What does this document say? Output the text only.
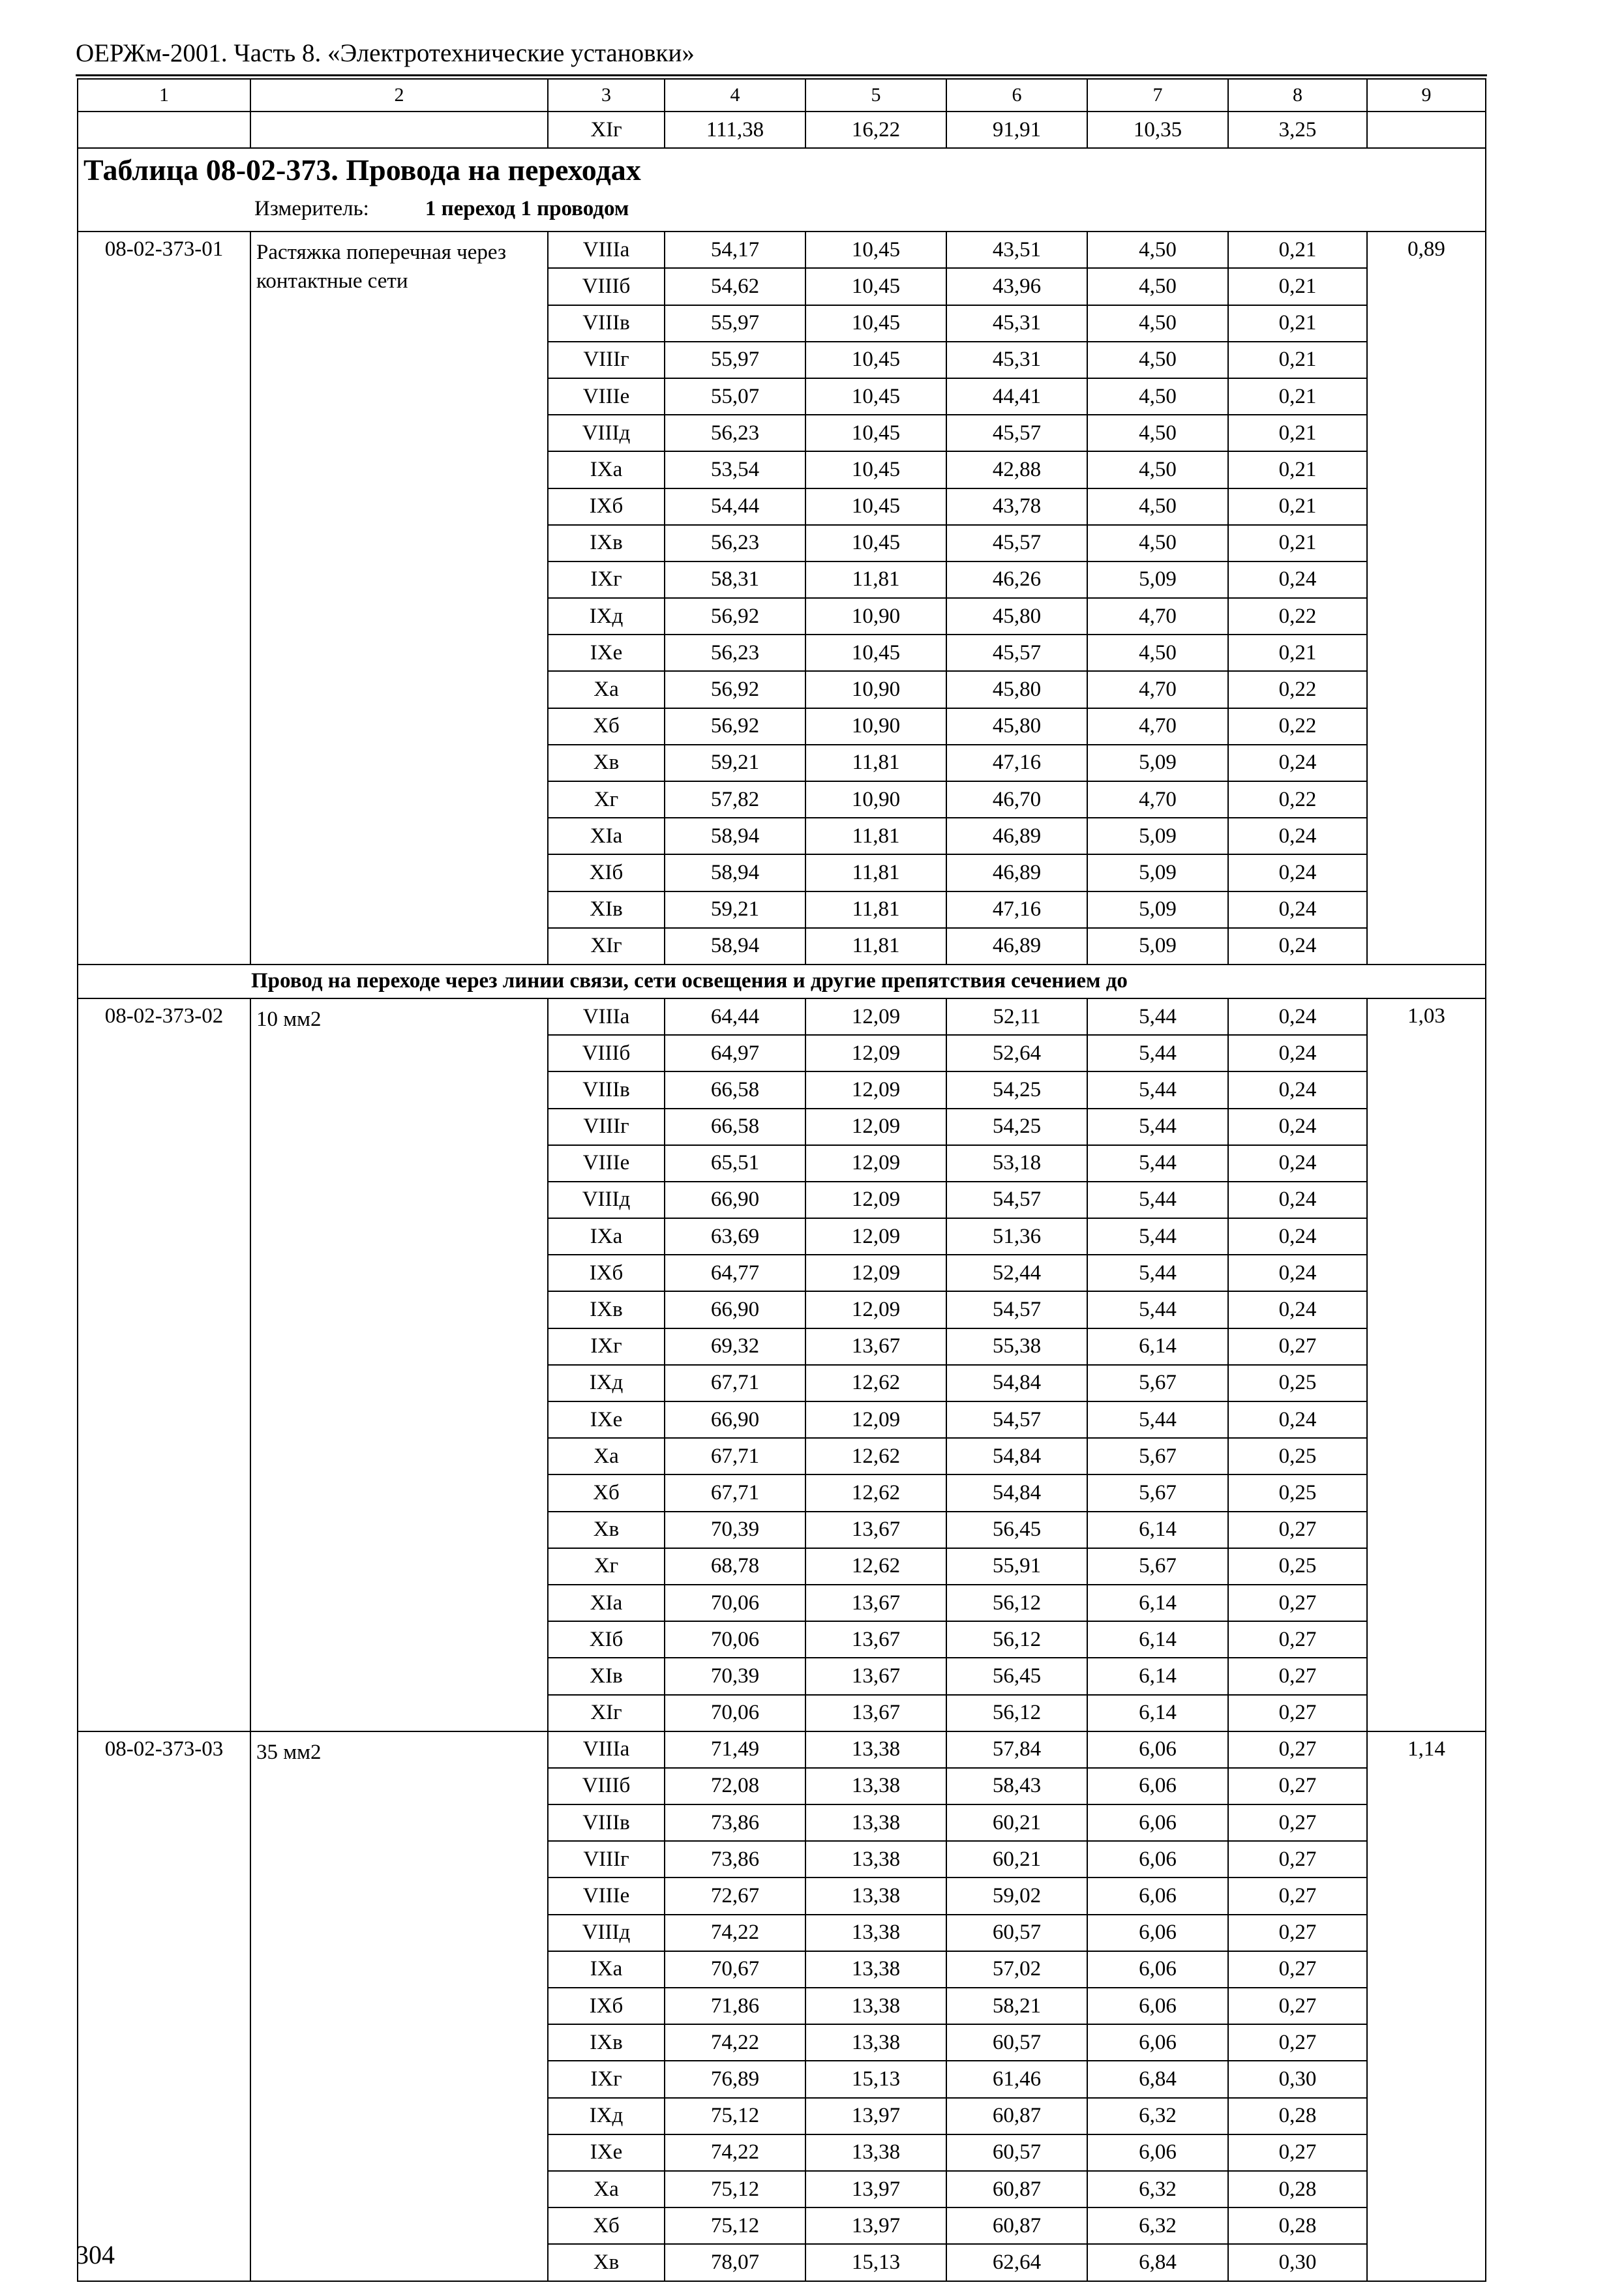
ОЕРЖм-2001. Часть 8. «Электротехнические установки»
1	2	3	4	5	6	7	8	9
		XIг	111,38	16,22	91,91	10,35	3,25	

Таблица 08-02-373. Провода на переходах
Измеритель: 1 переход 1 проводом								

08-02-373-01	Растяжка поперечная через контактные сети	VIIIа	54,17	10,45	43,51	4,50	0,21	0,89
		VIIIб	54,62	10,45	43,96	4,50	0,21	
		VIIIв	55,97	10,45	45,31	4,50	0,21	
		VIIIг	55,97	10,45	45,31	4,50	0,21	
		VIIIе	55,07	10,45	44,41	4,50	0,21	
		VIIIд	56,23	10,45	45,57	4,50	0,21	
		IXа	53,54	10,45	42,88	4,50	0,21	
		IXб	54,44	10,45	43,78	4,50	0,21	
		IXв	56,23	10,45	45,57	4,50	0,21	
		IXг	58,31	11,81	46,26	5,09	0,24	
		IXд	56,92	10,90	45,80	4,70	0,22	
		IXе	56,23	10,45	45,57	4,50	0,21	
		Xа	56,92	10,90	45,80	4,70	0,22	
		Xб	56,92	10,90	45,80	4,70	0,22	
		Xв	59,21	11,81	47,16	5,09	0,24	
		Xг	57,82	10,90	46,70	4,70	0,22	
		XIа	58,94	11,81	46,89	5,09	0,24	
		XIб	58,94	11,81	46,89	5,09	0,24	
		XIв	59,21	11,81	47,16	5,09	0,24	
		XIг	58,94	11,81	46,89	5,09	0,24	
Провод на переходе через линии связи, сети освещения и другие препятствия сечением до								
08-02-373-02	10 мм2	VIIIа	64,44	12,09	52,11	5,44	0,24	1,03
		VIIIб	64,97	12,09	52,64	5,44	0,24	
		VIIIв	66,58	12,09	54,25	5,44	0,24	
		VIIIг	66,58	12,09	54,25	5,44	0,24	
		VIIIе	65,51	12,09	53,18	5,44	0,24	
		VIIIд	66,90	12,09	54,57	5,44	0,24	
		IXа	63,69	12,09	51,36	5,44	0,24	
		IXб	64,77	12,09	52,44	5,44	0,24	
		IXв	66,90	12,09	54,57	5,44	0,24	
		IXг	69,32	13,67	55,38	6,14	0,27	
		IXд	67,71	12,62	54,84	5,67	0,25	
		IXе	66,90	12,09	54,57	5,44	0,24	
		Xа	67,71	12,62	54,84	5,67	0,25	
		Xб	67,71	12,62	54,84	5,67	0,25	
		Xв	70,39	13,67	56,45	6,14	0,27	
		Xг	68,78	12,62	55,91	5,67	0,25	
		XIа	70,06	13,67	56,12	6,14	0,27	
		XIб	70,06	13,67	56,12	6,14	0,27	
		XIв	70,39	13,67	56,45	6,14	0,27	
		XIг	70,06	13,67	56,12	6,14	0,27	
08-02-373-03	35 мм2	VIIIа	71,49	13,38	57,84	6,06	0,27	1,14
		VIIIб	72,08	13,38	58,43	6,06	0,27	
		VIIIв	73,86	13,38	60,21	6,06	0,27	
		VIIIг	73,86	13,38	60,21	6,06	0,27	
		VIIIе	72,67	13,38	59,02	6,06	0,27	
		VIIIд	74,22	13,38	60,57	6,06	0,27	
		IXа	70,67	13,38	57,02	6,06	0,27	
		IXб	71,86	13,38	58,21	6,06	0,27	
		IXв	74,22	13,38	60,57	6,06	0,27	
		IXг	76,89	15,13	61,46	6,84	0,30	
		IXд	75,12	13,97	60,87	6,32	0,28	
		IXе	74,22	13,38	60,57	6,06	0,27	
		Xа	75,12	13,97	60,87	6,32	0,28	
		Xб	75,12	13,97	60,87	6,32	0,28	
		Xв	78,07	15,13	62,64	6,84	0,30	
304
